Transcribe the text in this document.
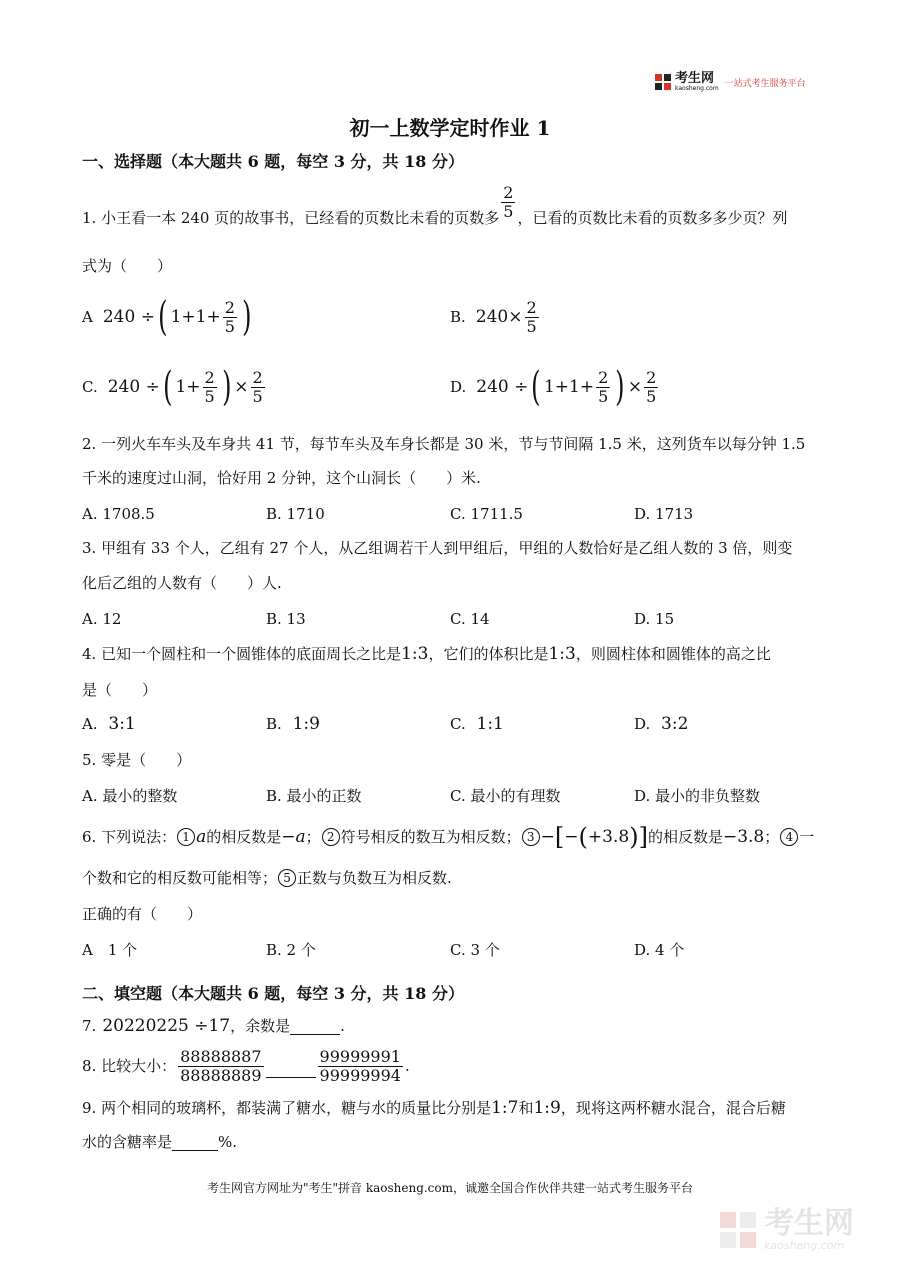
考生网
kaosheng.com 一站式考生服务平台
初一上数学定时作业 1
一、选择题（本大题共 6 题，每空 3 分，共 18 分）
1. 小王看一本 240 页的故事书，已经看的页数比未看的页数多 $\frac{2}{5}$ ，已看的页数比未看的页数多多少页？列
式为（　　）
A 240 ÷ ( $1+1+ \frac{2}{5}$ )	B. $240\times \frac{2}{5}$
C. 240 ÷ ( $1+ \frac{2}{5}$ ) × $\frac{2}{5}$	D. 240 ÷ ( $1+1+ \frac{2}{5}$ ) × $\frac{2}{5}$
2. 一列火车车头及车身共 41 节，每节车头及车身长都是 30 米，节与节间隔 1.5 米，这列货车以每分钟 1.5
千米的速度过山洞，恰好用 2 分钟，这个山洞长（　　）米.
A. 1708.5	B. 1710	C. 1711.5	D. 1713
3. 甲组有 33 个人，乙组有 27 个人，从乙组调若干人到甲组后，甲组的人数恰好是乙组人数的 3 倍，则变
化后乙组的人数有（　　）人.
A. 12	B. 13	C. 14	D. 15
4. 已知一个圆柱和一个圆锥体的底面周长之比是1:3，它们的体积比是1:3，则圆柱体和圆锥体的高之比
是（　　）
A. 3:1	B. 1:9	C. 1:1	D. 3:2
5. 零是（　　）
A. 最小的整数	B. 最小的正数	C. 最小的有理数	D. 最小的非负整数
6. 下列说法： 1 a 的相反数是 −a ； 2 符号相反的数互为相反数； 3 − [ − ( +3.8 ) ] 的相反数是 −3.8 ； 4 一
个数和它的相反数可能相等； 5 正数与负数互为相反数.
正确的有（　　）
A　1 个	B. 2 个	C. 3 个	D. 4 个
二、填空题（本大题共 6 题，每空 3 分，共 18 分）
7. 20220225 ÷17 ，余数是	.
8. 比较大小： $\frac{88888887}{88888889}$	$\frac{99999991}{99999994}$ .
9. 两个相同的玻璃杯，都装满了糖水，糖与水的质量比分别是1:7和1:9，现将这两杯糖水混合，混合后糖
水的含糖率是	%.
考生网官方网址为"考生"拼音 kaosheng.com，诚邀全国合作伙伴共建一站式考生服务平台
考生网
kaosheng.com
